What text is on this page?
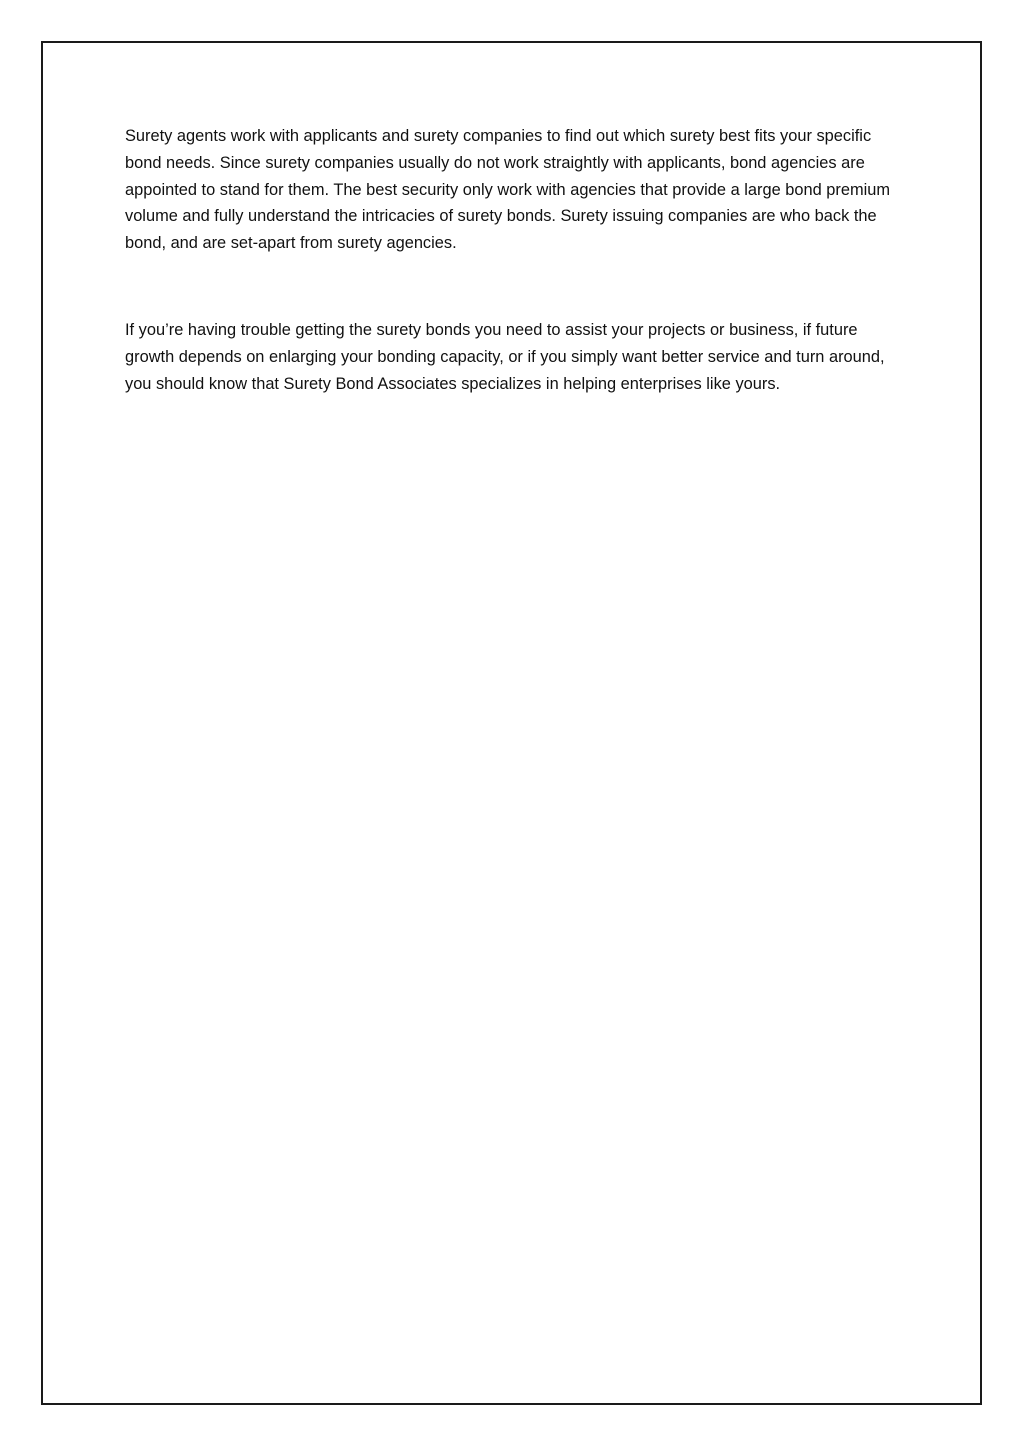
Surety agents work with applicants and surety companies to find out which surety best fits your specific bond needs. Since surety companies usually do not work straightly with applicants, bond agencies are appointed to stand for them. The best security only work with agencies that provide a large bond premium volume and fully understand the intricacies of surety bonds. Surety issuing companies are who back the bond, and are set-apart from surety agencies.

If you’re having trouble getting the surety bonds you need to assist your projects or business, if future growth depends on enlarging your bonding capacity, or if you simply want better service and turn around, you should know that Surety Bond Associates specializes in helping enterprises like yours.
